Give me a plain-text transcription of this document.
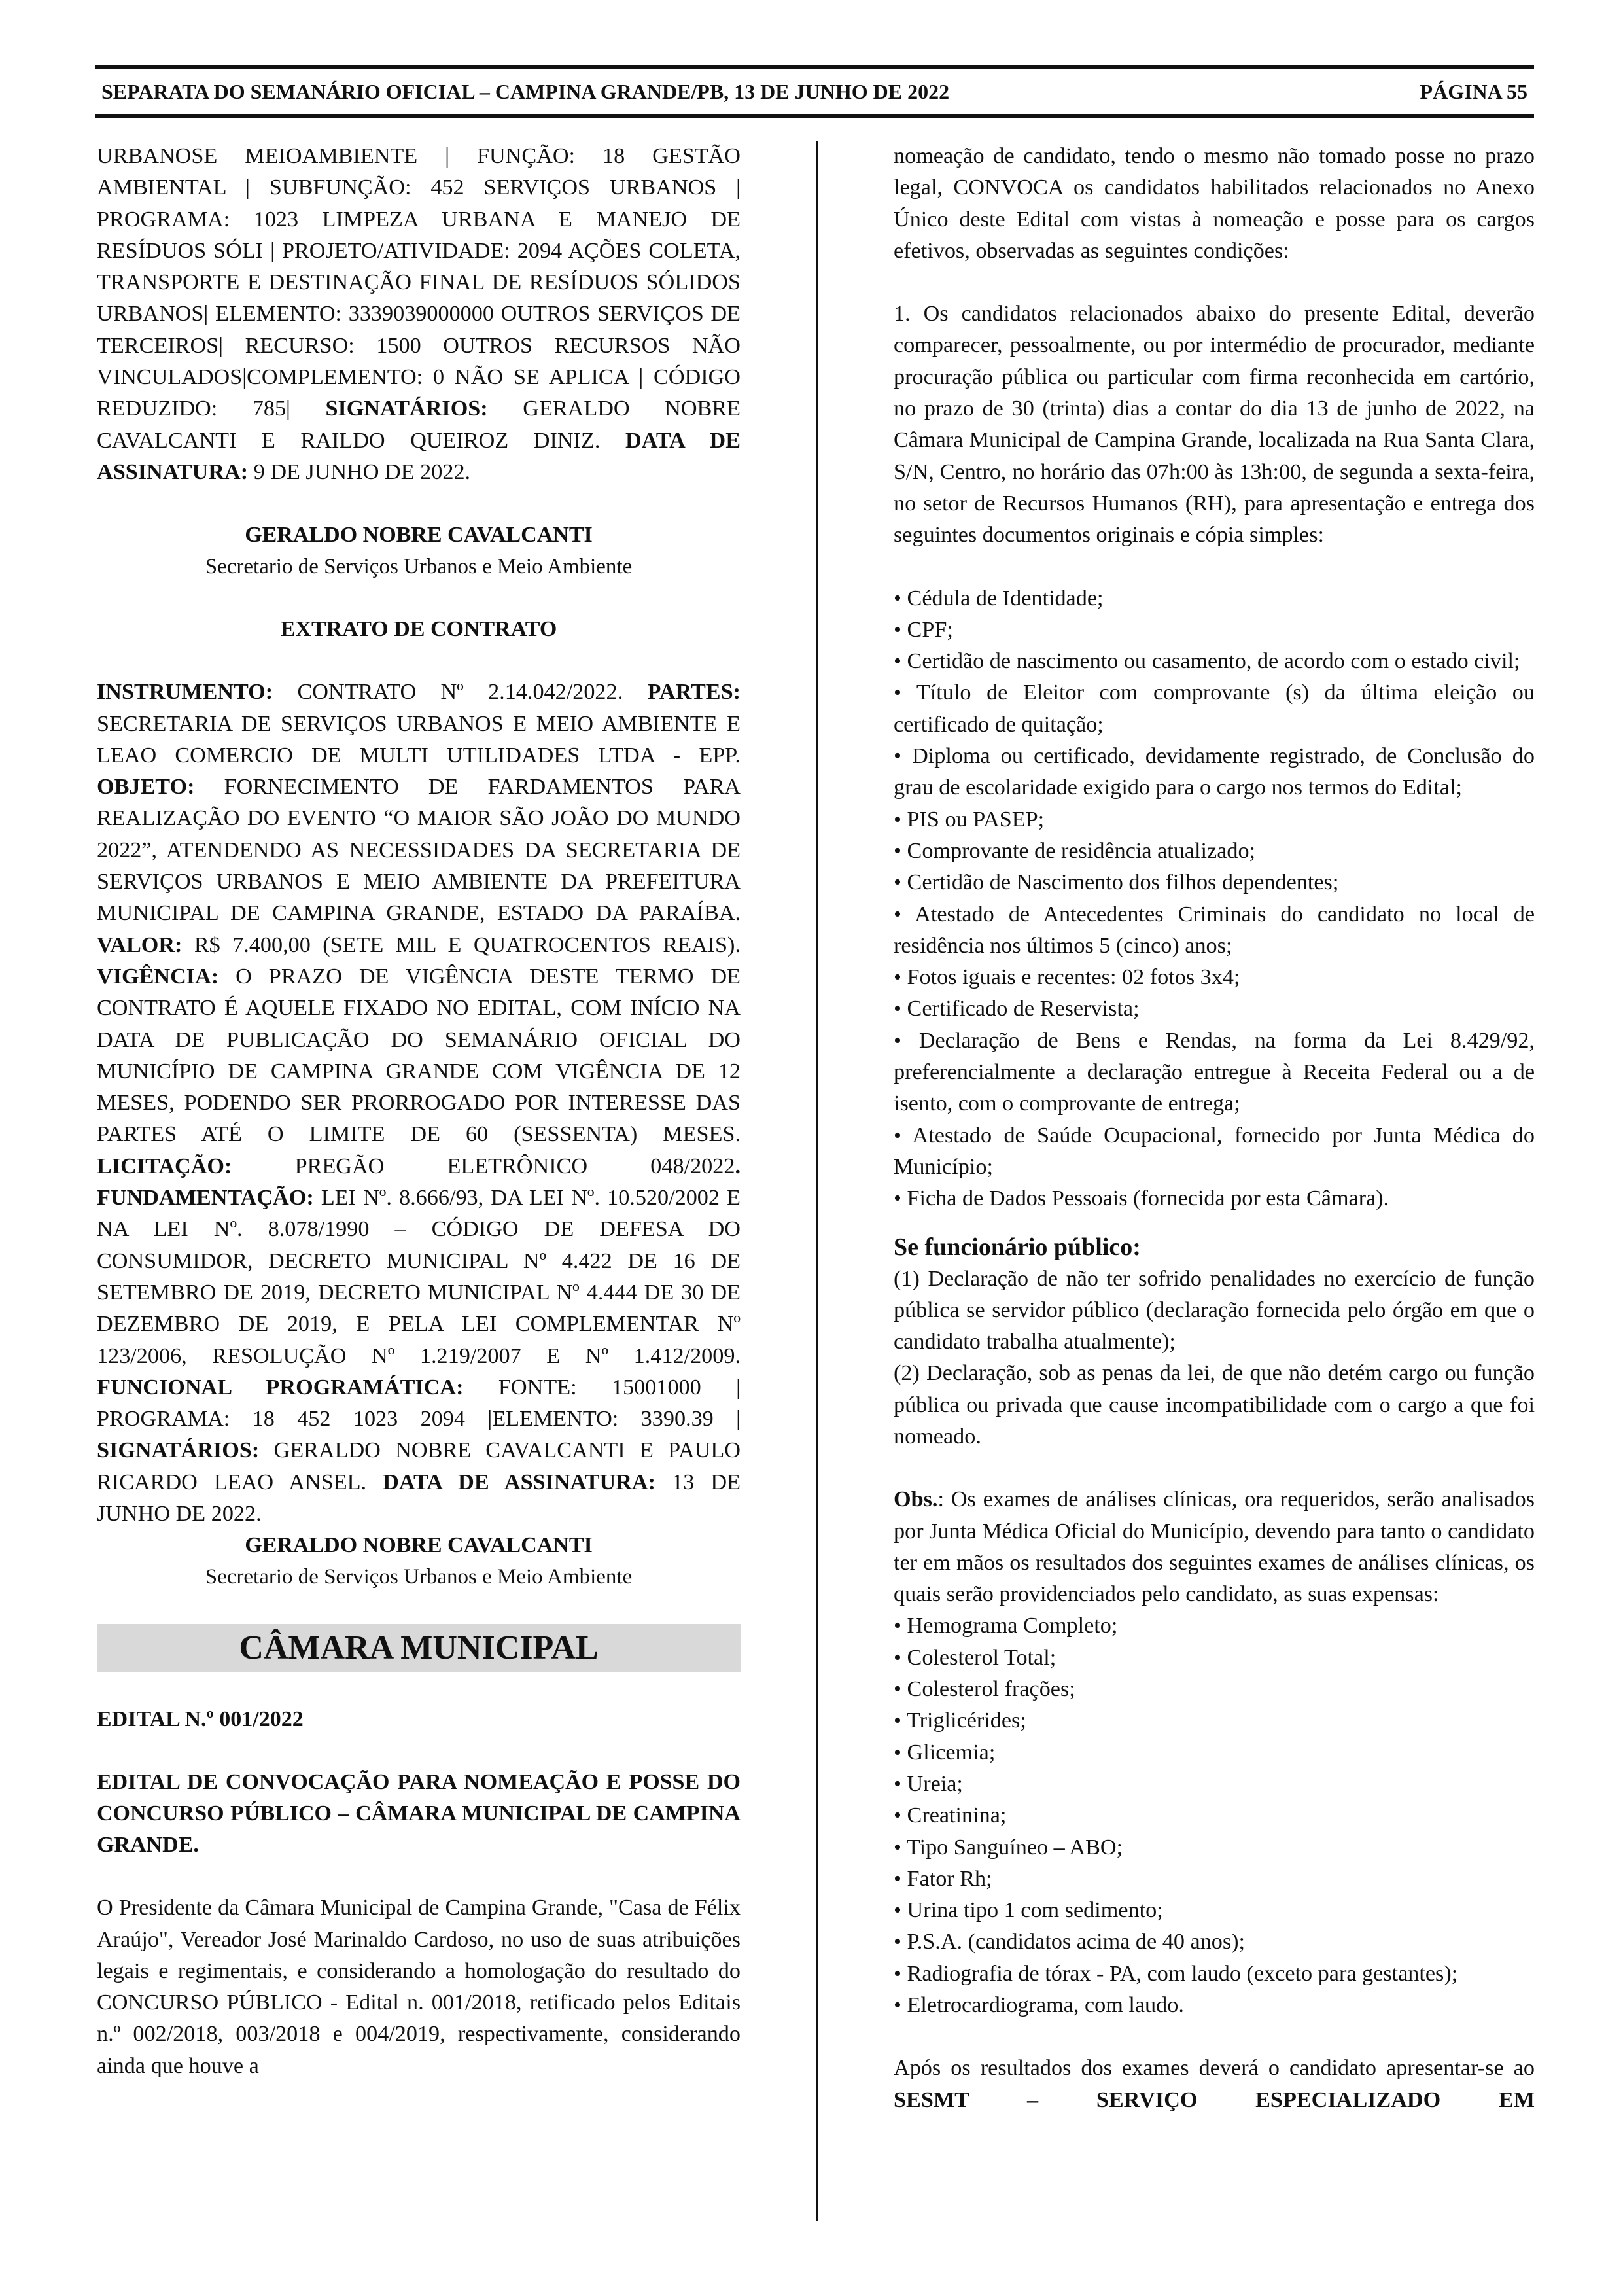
SEPARATA DO SEMANÁRIO OFICIAL – CAMPINA GRANDE/PB, 13 DE JUNHO DE 2022	PÁGINA 55

URBANOSE MEIOAMBIENTE | FUNÇÃO: 18 GESTÃO AMBIENTAL | SUBFUNÇÃO: 452 SERVIÇOS URBANOS | PROGRAMA: 1023 LIMPEZA URBANA E MANEJO DE RESÍDUOS SÓLI | PROJETO/ATIVIDADE: 2094 AÇÕES COLETA, TRANSPORTE E DESTINAÇÃO FINAL DE RESÍDUOS SÓLIDOS URBANOS| ELEMENTO: 3339039000000 OUTROS SERVIÇOS DE TERCEIROS| RECURSO: 1500 OUTROS RECURSOS NÃO VINCULADOS|COMPLEMENTO: 0 NÃO SE APLICA | CÓDIGO REDUZIDO: 785| SIGNATÁRIOS: GERALDO NOBRE CAVALCANTI E RAILDO QUEIROZ DINIZ. DATA DE ASSINATURA: 9 DE JUNHO DE 2022.

GERALDO NOBRE CAVALCANTI

Secretario de Serviços Urbanos e Meio Ambiente

EXTRATO DE CONTRATO

INSTRUMENTO: CONTRATO Nº 2.14.042/2022. PARTES: SECRETARIA DE SERVIÇOS URBANOS E MEIO AMBIENTE E LEAO COMERCIO DE MULTI UTILIDADES LTDA - EPP. OBJETO: FORNECIMENTO DE FARDAMENTOS PARA REALIZAÇÃO DO EVENTO “O MAIOR SÃO JOÃO DO MUNDO 2022”, ATENDENDO AS NECESSIDADES DA SECRETARIA DE SERVIÇOS URBANOS E MEIO AMBIENTE DA PREFEITURA MUNICIPAL DE CAMPINA GRANDE, ESTADO DA PARAÍBA. VALOR: R$ 7.400,00 (SETE MIL E QUATROCENTOS REAIS). VIGÊNCIA: O PRAZO DE VIGÊNCIA DESTE TERMO DE CONTRATO É AQUELE FIXADO NO EDITAL, COM INÍCIO NA DATA DE PUBLICAÇÃO DO SEMANÁRIO OFICIAL DO MUNICÍPIO DE CAMPINA GRANDE COM VIGÊNCIA DE 12 MESES, PODENDO SER PRORROGADO POR INTERESSE DAS PARTES ATÉ O LIMITE DE 60 (SESSENTA) MESES. LICITAÇÃO:	PREGÃO ELETRÔNICO 048/2022. FUNDAMENTAÇÃO: LEI Nº. 8.666/93, DA LEI Nº. 10.520/2002 E NA LEI Nº. 8.078/1990 – CÓDIGO DE DEFESA DO CONSUMIDOR, DECRETO MUNICIPAL Nº 4.422 DE 16 DE SETEMBRO DE 2019, DECRETO MUNICIPAL Nº 4.444 DE 30 DE DEZEMBRO DE 2019, E PELA LEI COMPLEMENTAR Nº 123/2006, RESOLUÇÃO Nº 1.219/2007 E Nº 1.412/2009. FUNCIONAL PROGRAMÁTICA: FONTE: 15001000 | PROGRAMA: 18 452 1023 2094 |ELEMENTO: 3390.39 | SIGNATÁRIOS: GERALDO NOBRE CAVALCANTI E PAULO RICARDO LEAO ANSEL. DATA DE ASSINATURA: 13 DE JUNHO DE 2022.

GERALDO NOBRE CAVALCANTI

Secretario de Serviços Urbanos e Meio Ambiente

CÂMARA MUNICIPAL

EDITAL N.º 001/2022

EDITAL DE CONVOCAÇÃO PARA NOMEAÇÃO E POSSE DO CONCURSO PÚBLICO – CÂMARA MUNICIPAL DE CAMPINA GRANDE.

O Presidente da Câmara Municipal de Campina Grande, "Casa de Félix Araújo", Vereador José Marinaldo Cardoso, no uso de suas atribuições legais e regimentais, e considerando a homologação do resultado do CONCURSO PÚBLICO - Edital n. 001/2018, retificado pelos Editais n.º 002/2018, 003/2018 e 004/2019, respectivamente, considerando ainda que houve a

nomeação de candidato, tendo o mesmo não tomado posse no prazo legal, CONVOCA os candidatos habilitados relacionados no Anexo Único deste Edital com vistas à nomeação e posse para os cargos efetivos, observadas as seguintes condições:

1. Os candidatos relacionados abaixo do presente Edital, deverão comparecer, pessoalmente, ou por intermédio de procurador, mediante procuração pública ou particular com firma reconhecida em cartório, no prazo de 30 (trinta) dias a contar do dia 13 de junho de 2022, na Câmara Municipal de Campina Grande, localizada na Rua Santa Clara, S/N, Centro, no horário das 07h:00 às 13h:00, de segunda a sexta-feira, no setor de Recursos Humanos (RH), para apresentação e entrega dos seguintes documentos originais e cópia simples:

• Cédula de Identidade;
• CPF;
• Certidão de nascimento ou casamento, de acordo com o estado civil;
• Título de Eleitor com comprovante (s) da última eleição ou certificado de quitação;
• Diploma ou certificado, devidamente registrado, de Conclusão do grau de escolaridade exigido para o cargo nos termos do Edital;
• PIS ou PASEP;
• Comprovante de residência atualizado;
• Certidão de Nascimento dos filhos dependentes;
• Atestado de Antecedentes Criminais do candidato no local de residência nos últimos 5 (cinco) anos;
• Fotos iguais e recentes: 02 fotos 3x4;
• Certificado de Reservista;
• Declaração de Bens e Rendas, na forma da Lei 8.429/92, preferencialmente a declaração entregue à Receita Federal ou a de isento, com o comprovante de entrega;
• Atestado de Saúde Ocupacional, fornecido por Junta Médica do Município;
• Ficha de Dados Pessoais (fornecida por esta Câmara).

Se funcionário público:

(1) Declaração de não ter sofrido penalidades no exercício de função pública se servidor público (declaração fornecida pelo órgão em que o candidato trabalha atualmente);

(2) Declaração, sob as penas da lei, de que não detém cargo ou função pública ou privada que cause incompatibilidade com o cargo a que foi nomeado.

Obs.: Os exames de análises clínicas, ora requeridos, serão analisados por Junta Médica Oficial do Município, devendo para tanto o candidato ter em mãos os resultados dos seguintes exames de análises clínicas, os quais serão providenciados pelo candidato, as suas expensas:

• Hemograma Completo;
• Colesterol Total;
• Colesterol frações;
• Triglicérides;
• Glicemia;
• Ureia;
• Creatinina;
• Tipo Sanguíneo – ABO;
• Fator Rh;
• Urina tipo 1 com sedimento;
• P.S.A. (candidatos acima de 40 anos);
• Radiografia de tórax - PA, com laudo (exceto para gestantes);
• Eletrocardiograma, com laudo.

Após os resultados dos exames deverá o candidato apresentar-se ao SESMT – SERVIÇO ESPECIALIZADO EM
